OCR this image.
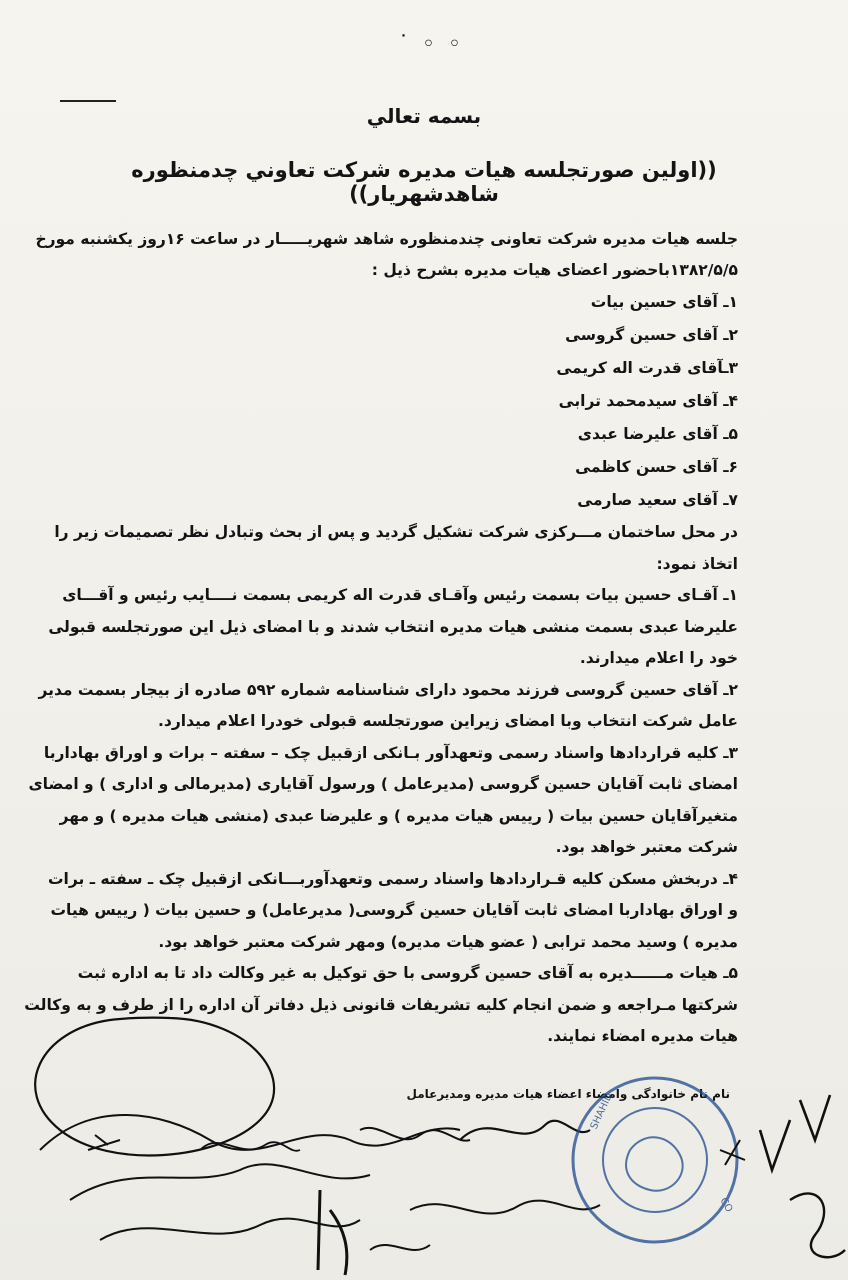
˙ ◦ ◦
بسمه تعالي
((اولین صورتجلسه هیات مدیره شرکت تعاوني چدمنظوره شاهدشهریار))
جلسه هیات مدیره شرکت تعاونی چندمنظوره شاهد شهریـــــار در ساعت ۱۶روز یکشنبه مورخ
۱۳۸۲/۵/۵باحضور اعضای هیات مدیره بشرح ذیل :
۱ـ آقای حسین بیات
۲ـ آقای حسین گروسی
۳ـآقای قدرت اله کریمی
۴ـ آقای سیدمحمد ترابی
۵ـ آقای علیرضا عبدی
۶ـ آقای حسن کاظمی
۷ـ آقای سعید صارمی
در محل ساختمان مـــرکزی شرکت تشکیل گردید و پس از بحث وتبادل نظر تصمیمات زیر را
اتخاذ نمود:
۱ـ آقـای حسین بیات بسمت رئیس وآقـای قدرت اله کریمی بسمت نــــایب رئیس و آقـــای
علیرضا عبدی بسمت منشی هیات مدیره انتخاب شدند و با امضای ذیل این صورتجلسه قبولی
خود را اعلام میدارند.
۲ـ آقای حسین گروسی فرزند محمود دارای شناسنامه شماره ۵۹۲ صادره از بیجار بسمت مدیر
عامل شرکت انتخاب وبا امضای زیراین صورتجلسه قبولی خودرا اعلام میدارد.
۳ـ کلیه قراردادها واسناد رسمی وتعهدآور بـانکی ازقبیل چک – سفته – برات و اوراق بهاداربا
امضای ثابت آقایان حسین گروسی (مدیرعامل ) ورسول آقایاری (مدیرمالی و اداری ) و امضای
متغیرآقایان حسین بیات ( رییس هیات مدیره ) و علیرضا عبدی (منشی هیات مدیره ) و مهر
شرکت معتبر خواهد بود.
۴ـ دربخش مسکن کلیه قـراردادها واسناد رسمی وتعهدآوربـــانکی ازقبیل چک ـ سفته ـ برات
و اوراق بهاداربا امضای ثابت آقایان حسین گروسی( مدیرعامل) و حسین بیات ( رییس هیات
مدیره ) وسید محمد ترابی ( عضو هیات مدیره) ومهر شرکت معتبر خواهد بود.
۵ـ هیات مــــــدیره به آقای حسین گروسی با حق توکیل به غیر وکالت داد تا به اداره ثبت
شرکتها مـراجعه و ضمن انجام کلیه تشریفات قانونی ذیل دفاتر آن اداره را از طرف و به وکالت
هیات مدیره امضاء نمایند.
نام نام خانوادگی وامضاء اعضاء هیات مدیره ومدیرعامل
SHAHID
CO
